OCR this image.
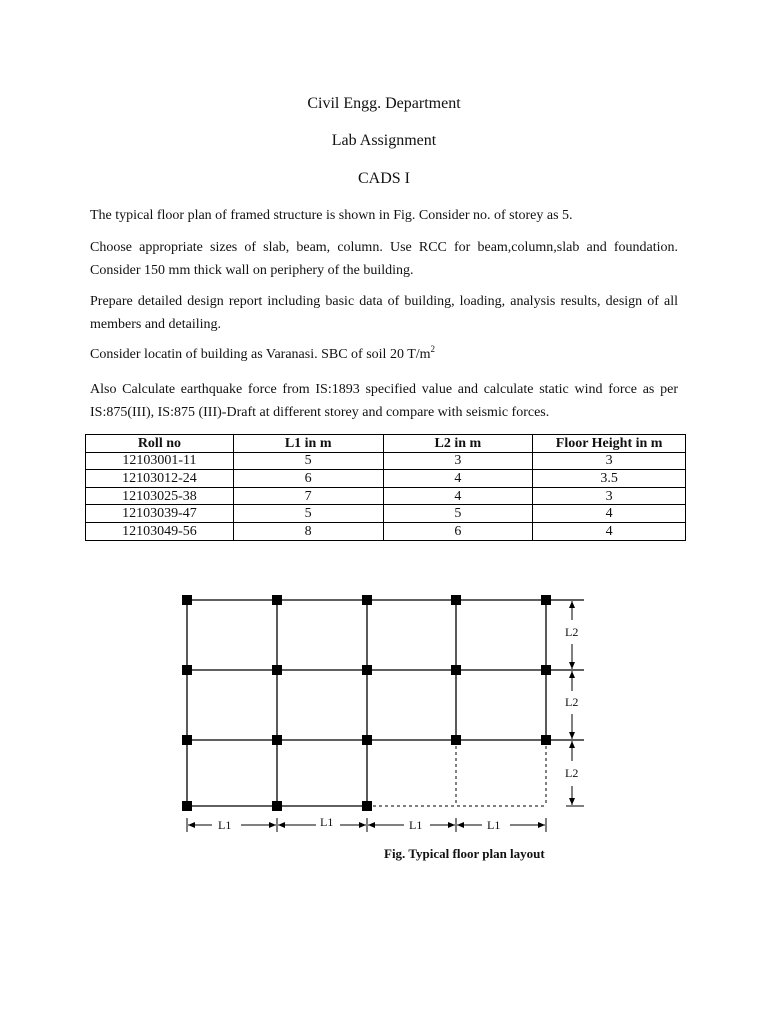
Civil Engg. Department
Lab Assignment
CADS I

The typical floor plan of framed structure is shown in Fig. Consider no. of storey as 5.

Choose appropriate sizes of slab, beam, column. Use RCC for beam,column,slab and foundation. Consider 150 mm thick wall on periphery of the building.

Prepare detailed design report including basic data of building, loading, analysis results, design of all members and detailing.

Consider locatin of building as Varanasi. SBC of soil 20 $T/m^2$

Also Calculate earthquake force from IS:1893 specified value and calculate static wind force as per IS:875(III), IS:875 (III)-Draft at different storey and compare with seismic forces.

Roll no	L1 in m	L2 in m	Floor Height in m
12103001-11	5	3	3
12103012-24	6	4	3.5
12103025-38	7	4	3
12103039-47	5	5	4
12103049-56	8	6	4
L1	L1	L1	L1
L2
L2
L2
Fig. Typical floor plan layout
